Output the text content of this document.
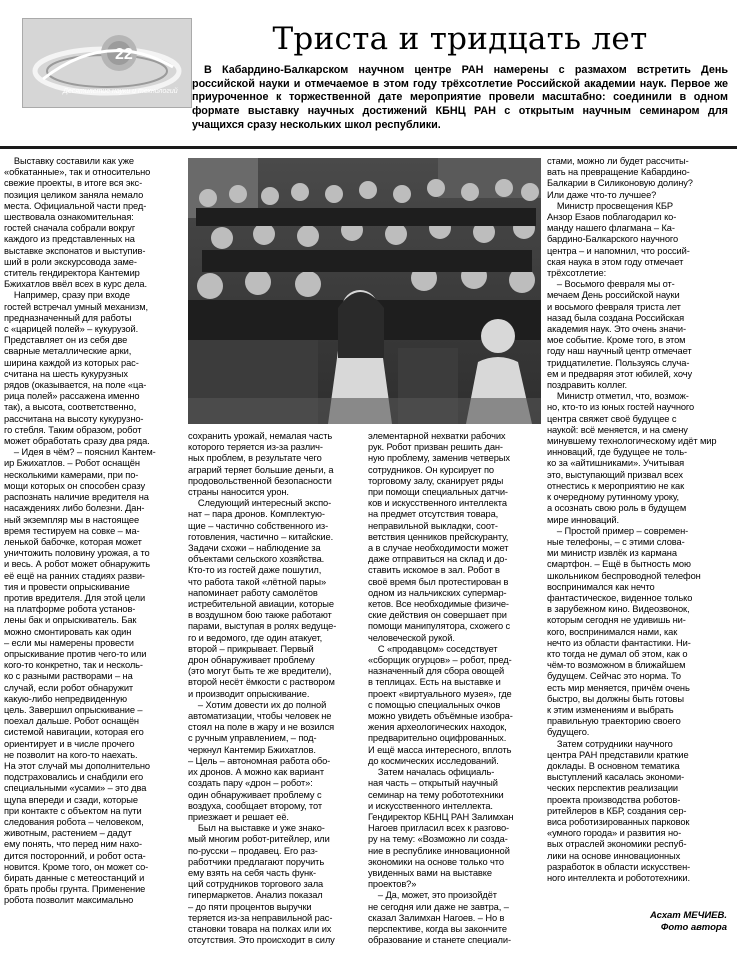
22
Десятилетие науки и технологий
Триста и тридцать лет
В Кабардино-Балкарском научном центре РАН намерены с размахом встретить День российской науки и отмечаемое в этом году трёхсотлетие Российской академии наук. Первое же приуроченное к торжественной дате мероприятие провели масштабно: соединили в одном формате выставку научных достижений КБНЦ РАН с открытым научным семинаром для учащихся сразу нескольких школ республики.
Выставку составили как уже
«обкатанные», так и относительно
свежие проекты, в итоге вся экс-
позиция целиком заняла немало
места. Официальной части пред-
шествовала ознакомительная:
гостей сначала собрали вокруг
каждого из представленных на
выставке экспонатов и выступив-
ший в роли экскурсовода заме-
ститель гендиректора Кантемир
Бжихатлов ввёл всех в курс дела.
Например, сразу при входе
гостей встречал умный механизм,
предназначенный для работы
с «царицей полей» – кукурузой.
Представляет он из себя две
сварные металлические арки,
ширина каждой из которых рас-
считана на шесть кукурузных
рядов (оказывается, на поле «ца-
рица полей» рассажена именно
так), а высота, соответственно,
рассчитана на высоту кукурузно-
го стебля. Таким образом, робот
может обработать сразу два ряда.
– Идея в чём? – пояснил Кантем-
ир Бжихатлов. – Робот оснащён
несколькими камерами, при по-
мощи которых он способен сразу
распознать наличие вредителя на
насаждениях либо болезни. Дан-
ный экземпляр мы в настоящее
время тестируем на совке – ма-
ленькой бабочке, которая может
уничтожить половину урожая, а то
и весь. А робот может обнаружить
её ещё на ранних стадиях разви-
тия и провести опрыскивание
против вредителя. Для этой цели
на платформе робота установ-
лены бак и опрыскиватель. Бак
можно смонтировать как один
– если мы намерены провести
опрыскивание против чего-то или
кого-то конкретно, так и несколь-
ко с разными растворами – на
случай, если робот обнаружит
какую-либо непредвиденную
цель. Завершил опрыскивание –
поехал дальше. Робот оснащён
системой навигации, которая его
ориентирует и в числе прочего
не позволит на кого-то наехать.
На этот случай мы дополнительно
подстраховались и снабдили его
специальными «усами» – это два
щупа впереди и сзади, которые
при контакте с объектом на пути
следования робота – человеком,
животным, растением – дадут
ему понять, что перед ним нахо-
дится посторонний, и робот оста-
новится. Кроме того, он может со-
бирать данные с метеостанций и
брать пробы грунта. Применение
робота позволит максимально
сохранить урожай, немалая часть
которого теряется из-за различ-
ных проблем, в результате чего
аграрий теряет большие деньги, а
продовольственной безопасности
страны наносится урон.
Следующий интересный экспо-
нат – пара дронов. Комплектую-
щие – частично собственного из-
готовления, частично – китайские.
Задачи схожи – наблюдение за
объектами сельского хозяйства.
Кто-то из гостей даже пошутил,
что работа такой «лётной пары»
напоминает работу самолётов
истребительной авиации, которые
в воздушном бою также работают
парами, выступая в ролях ведуще-
го и ведомого, где один атакует,
второй – прикрывает. Первый
дрон обнаруживает проблему
(это могут быть те же вредители),
второй несёт ёмкости с раствором
и производит опрыскивание.
– Хотим довести их до полной
автоматизации, чтобы человек не
стоял на поле в жару и не возился
с ручным управлением, – под-
черкнул Кантемир Бжихатлов.
– Цель – автономная работа обо-
их дронов. А можно как вариант
создать пару «дрон – робот»:
один обнаруживает проблему с
воздуха, сообщает второму, тот
приезжает и решает её.
Был на выставке и уже знако-
мый многим робот-ритейлер, или
по-русски – продавец. Его раз-
работчики предлагают поручить
ему взять на себя часть функ-
ций сотрудников торгового зала
гипермаркетов. Анализ показал
– до пяти процентов выручки
теряется из-за неправильной рас-
становки товара на полках или их
отсутствия. Это происходит в силу
элементарной нехватки рабочих
рук. Робот призван решить дан-
ную проблему, заменив четверых
сотрудников. Он курсирует по
торговому залу, сканирует ряды
при помощи специальных датчи-
ков и искусственного интеллекта
на предмет отсутствия товара,
неправильной выкладки, соот-
ветствия ценников прейскуранту,
а в случае необходимости может
даже отправиться на склад и до-
ставить искомое в зал. Робот в
своё время был протестирован в
одном из нальчикских супермар-
кетов. Все необходимые физиче-
ские действия он совершает при
помощи манипулятора, схожего с
человеческой рукой.
С «продавцом» соседствует
«сборщик огурцов» – робот, пред-
назначенный для сбора овощей
в теплицах. Есть на выставке и
проект «виртуального музея», где
с помощью специальных очков
можно увидеть объёмные изобра-
жения археологических находок,
предварительно оцифрованных.
И ещё масса интересного, вплоть
до космических исследований.
Затем началась официаль-
ная часть – открытый научный
семинар на тему робототехники
и искусственного интеллекта.
Гендиректор КБНЦ РАН Залимхан
Нагоев пригласил всех к разгово-
ру на тему: «Возможно ли созда-
ние в республике инновационной
экономики на основе только что
увиденных вами на выставке
проектов?»
– Да, может, это произойдёт
не сегодня или даже не завтра, –
сказал Залимхан Нагоев. – Но в
перспективе, когда вы закончите
образование и станете специали-
стами, можно ли будет рассчиты-
вать на превращение Кабардино-
Балкарии в Силиконовую долину?
Или даже что-то лучшее?
Министр просвещения КБР
Анзор Езаов поблагодарил ко-
манду нашего флагмана – Ка-
бардино-Балкарского научного
центра – и напомнил, что россий-
ская наука в этом году отмечает
трёхсотлетие:
– Восьмого февраля мы от-
мечаем День российской науки
и восьмого февраля триста лет
назад была создана Российская
академия наук. Это очень значи-
мое событие. Кроме того, в этом
году наш научный центр отмечает
тридцатилетие. Пользуясь случа-
ем и предваряя этот юбилей, хочу
поздравить коллег.
Министр отметил, что, возмож-
но, кто-то из юных гостей научного
центра свяжет своё будущее с
наукой: всё меняется, и на смену
минувшему технологическому идёт мир
инноваций, где будущее не толь-
ко за «айтишниками». Учитывая
это, выступающий призвал всех
отнестись к мероприятию не как
к очередному рутинному уроку,
а осознать свою роль в будущем
мире инноваций.
– Простой пример – современ-
ные телефоны, – с этими слова-
ми министр извлёк из кармана
смартфон. – Ещё в бытность мою
школьником беспроводной телефон
воспринимался как нечто
фантастическое, виденное только
в зарубежном кино. Видеозвонок,
которым сегодня не удивишь ни-
кого, воспринимался нами, как
нечто из области фантастики. Ни-
кто тогда не думал об этом, как о
чём-то возможном в ближайшем
будущем. Сейчас это норма. То
есть мир меняется, причём очень
быстро, вы должны быть готовы
к этим изменениям и выбрать
правильную траекторию своего
будущего.
Затем сотрудники научного
центра РАН представили краткие
доклады. В основном тематика
выступлений касалась экономи-
ческих перспектив реализации
проекта производства роботов-
ритейлеров в КБР, создания сер-
виса роботизированных парковок
«умного города» и развития но-
вых отраслей экономики респуб-
лики на основе инновационных
разработок в области искусствен-
ного интеллекта и робототехники.
Асхат МЕЧИЕВ.
Фото автора
